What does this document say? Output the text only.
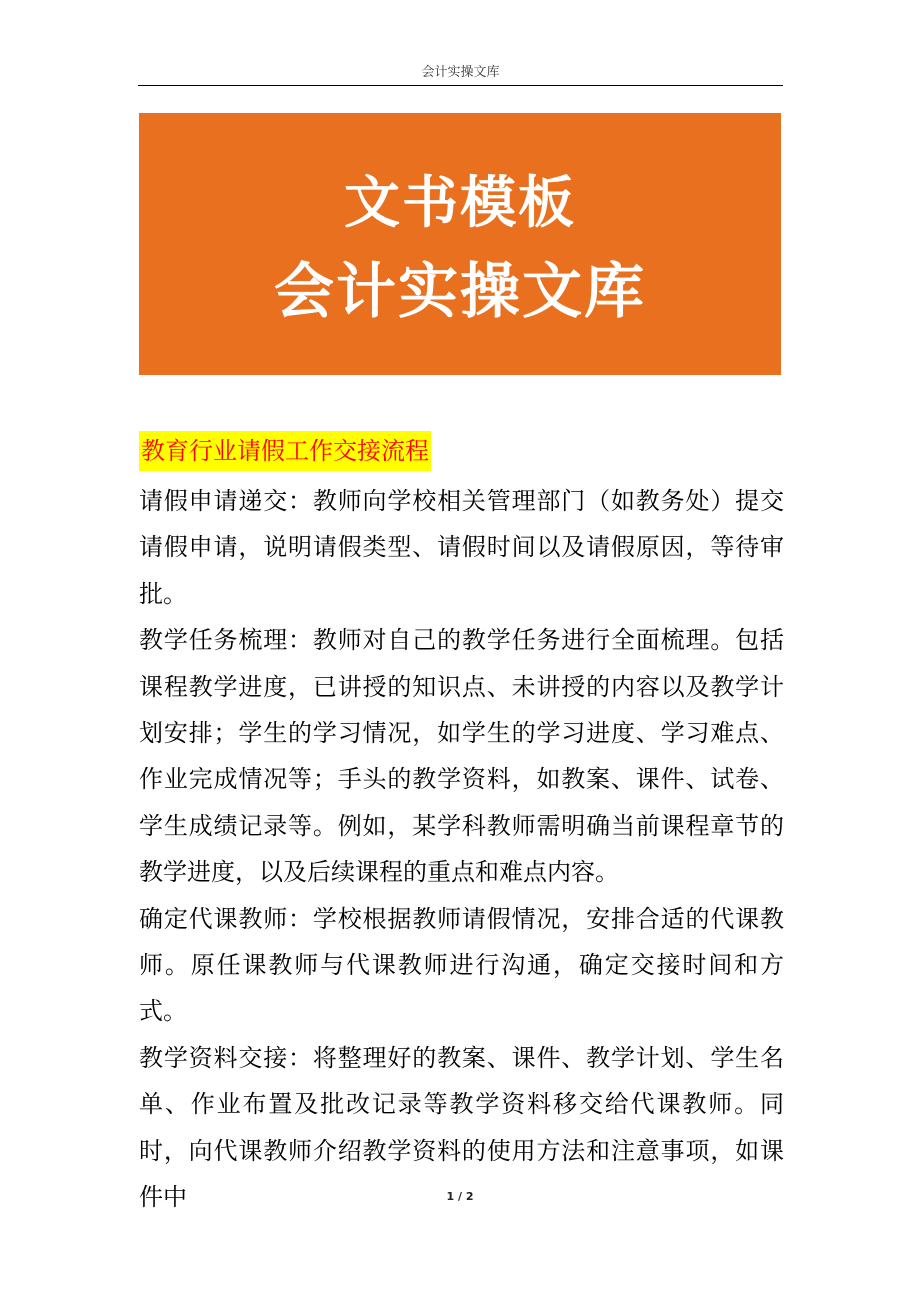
会计实操文库
文书模板
会计实操文库
教育行业请假工作交接流程

请假申请递交：教师向学校相关管理部门（如教务处）提交请假申请，说明请假类型、请假时间以及请假原因，等待审批。

教学任务梳理：教师对自己的教学任务进行全面梳理。包括课程教学进度，已讲授的知识点、未讲授的内容以及教学计划安排；学生的学习情况，如学生的学习进度、学习难点、作业完成情况等；手头的教学资料，如教案、课件、试卷、学生成绩记录等。例如，某学科教师需明确当前课程章节的教学进度，以及后续课程的重点和难点内容。

确定代课教师：学校根据教师请假情况，安排合适的代课教师。原任课教师与代课教师进行沟通，确定交接时间和方式。

教学资料交接：将整理好的教案、课件、教学计划、学生名单、作业布置及批改记录等教学资料移交给代课教师。同时，向代课教师介绍教学资料的使用方法和注意事项，如课件中	1 / 2
